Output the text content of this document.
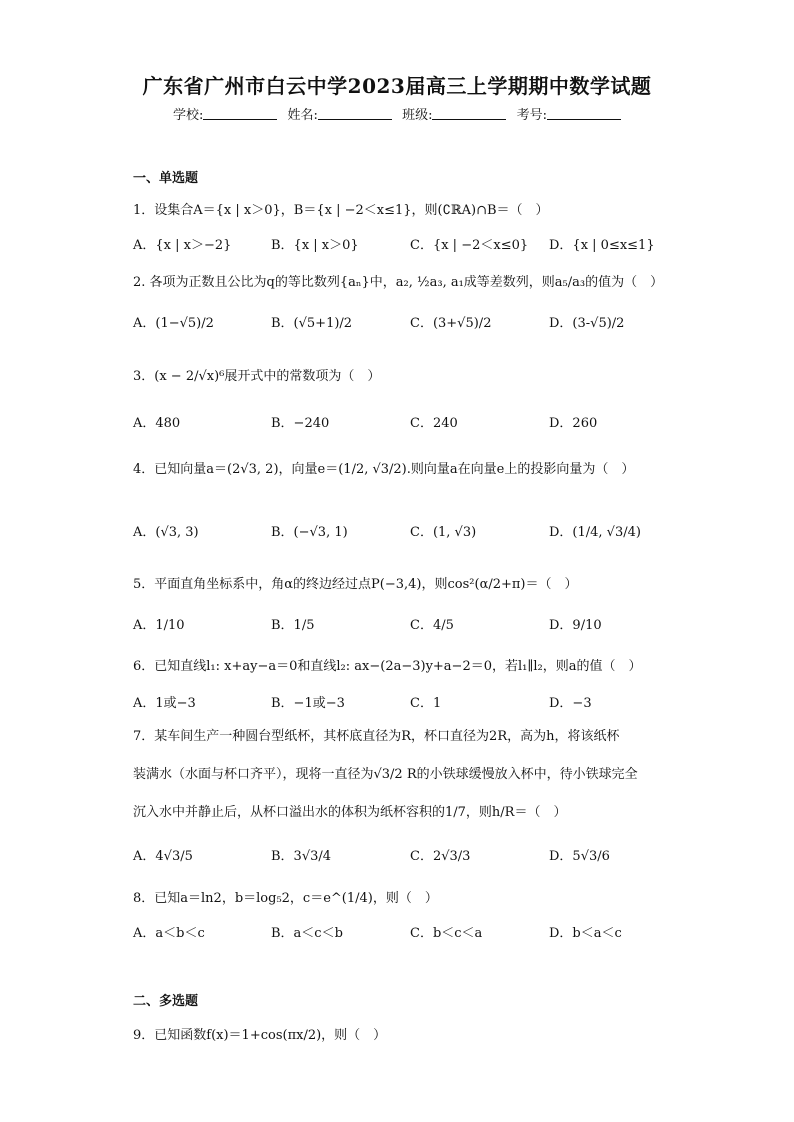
广东省广州市白云中学2023届高三上学期期中数学试题
学校:	姓名:	班级:	考号:
一、单选题
1．设集合A＝{x | x＞0}，B＝{x | −2＜x≤1}，则(∁ℝA)∩B＝（　）
A．{x | x＞−2}	B．{x | x＞0}	C．{x | −2＜x≤0} D．{x | 0≤x≤1}
2. 各项为正数且公比为q的等比数列{aₙ}中，a₂, ½a₃, a₁成等差数列，则a₅/a₃的值为（　）
A．(1−√5)/2	B．(√5+1)/2	C．(3+√5)/2	D．(3-√5)/2
3．(x − 2/√x)⁶展开式中的常数项为（　）
A．480	B．−240	C．240	D．260
4．已知向量a＝(2√3, 2)，向量e＝(1/2, √3/2).则向量a在向量e上的投影向量为（　）
A．(√3, 3)	B．(−√3, 1)	C．(1, √3)	D．(1/4, √3/4)
5．平面直角坐标系中，角α的终边经过点P(−3,4)，则cos²(α/2+π)＝（　）
A．1/10	B．1/5	C．4/5	D．9/10
6．已知直线l₁: x+ay−a＝0和直线l₂: ax−(2a−3)y+a−2＝0，若l₁∥l₂，则a的值（　）
A．1或−3	B．−1或−3	C．1	D．−3
7．某车间生产一种圆台型纸杯，其杯底直径为R，杯口直径为2R，高为h，将该纸杯
装满水（水面与杯口齐平），现将一直径为√3/2 R的小铁球缓慢放入杯中，待小铁球完全
沉入水中并静止后，从杯口溢出水的体积为纸杯容积的1/7，则h/R＝（　）
A．4√3/5	B．3√3/4	C．2√3/3	D．5√3/6
8．已知a＝ln2，b＝log₅2，c＝e^(1/4)，则（　）
A．a＜b＜c	B．a＜c＜b	C．b＜c＜a	D．b＜a＜c
二、多选题
9．已知函数f(x)＝1+cos(πx/2)，则（　）
